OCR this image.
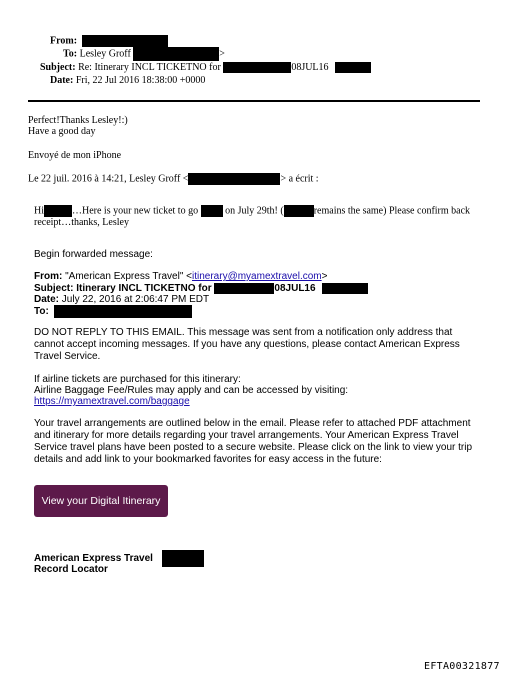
From:
To: Lesley Groff	>
Subject: Re: Itinerary INCL TICKETNO for	08JUL16
Date: Fri, 22 Jul 2016 18:38:00 +0000
Perfect!Thanks Lesley!:)
Have a good day
Envoyé de mon iPhone
Le 22 juil. 2016 à 14:21, Lesley Groff <	> a écrit :
Hi	…Here is your new ticket to go	on July 29th! (	remains the same) Please confirm back
receipt…thanks, Lesley
Begin forwarded message:
From: "American Express Travel" <itinerary@myamextravel.com>
Subject: Itinerary INCL TICKETNO for	08JUL16
Date: July 22, 2016 at 2:06:47 PM EDT
To:
DO NOT REPLY TO THIS EMAIL. This message was sent from a notification only address that cannot accept incoming messages. If you have any questions, please contact American Express Travel Service.
If airline tickets are purchased for this itinerary:
Airline Baggage Fee/Rules may apply and can be accessed by visiting:
https://myamextravel.com/baggage
Your travel arrangements are outlined below in the email. Please refer to attached PDF attachment and itinerary for more details regarding your travel arrangements. Your American Express Travel Service travel plans have been posted to a secure website. Please click on the link to view your trip details and add link to your bookmarked favorites for easy access in the future:
View your Digital Itinerary
American Express Travel
Record Locator
EFTA00321877
